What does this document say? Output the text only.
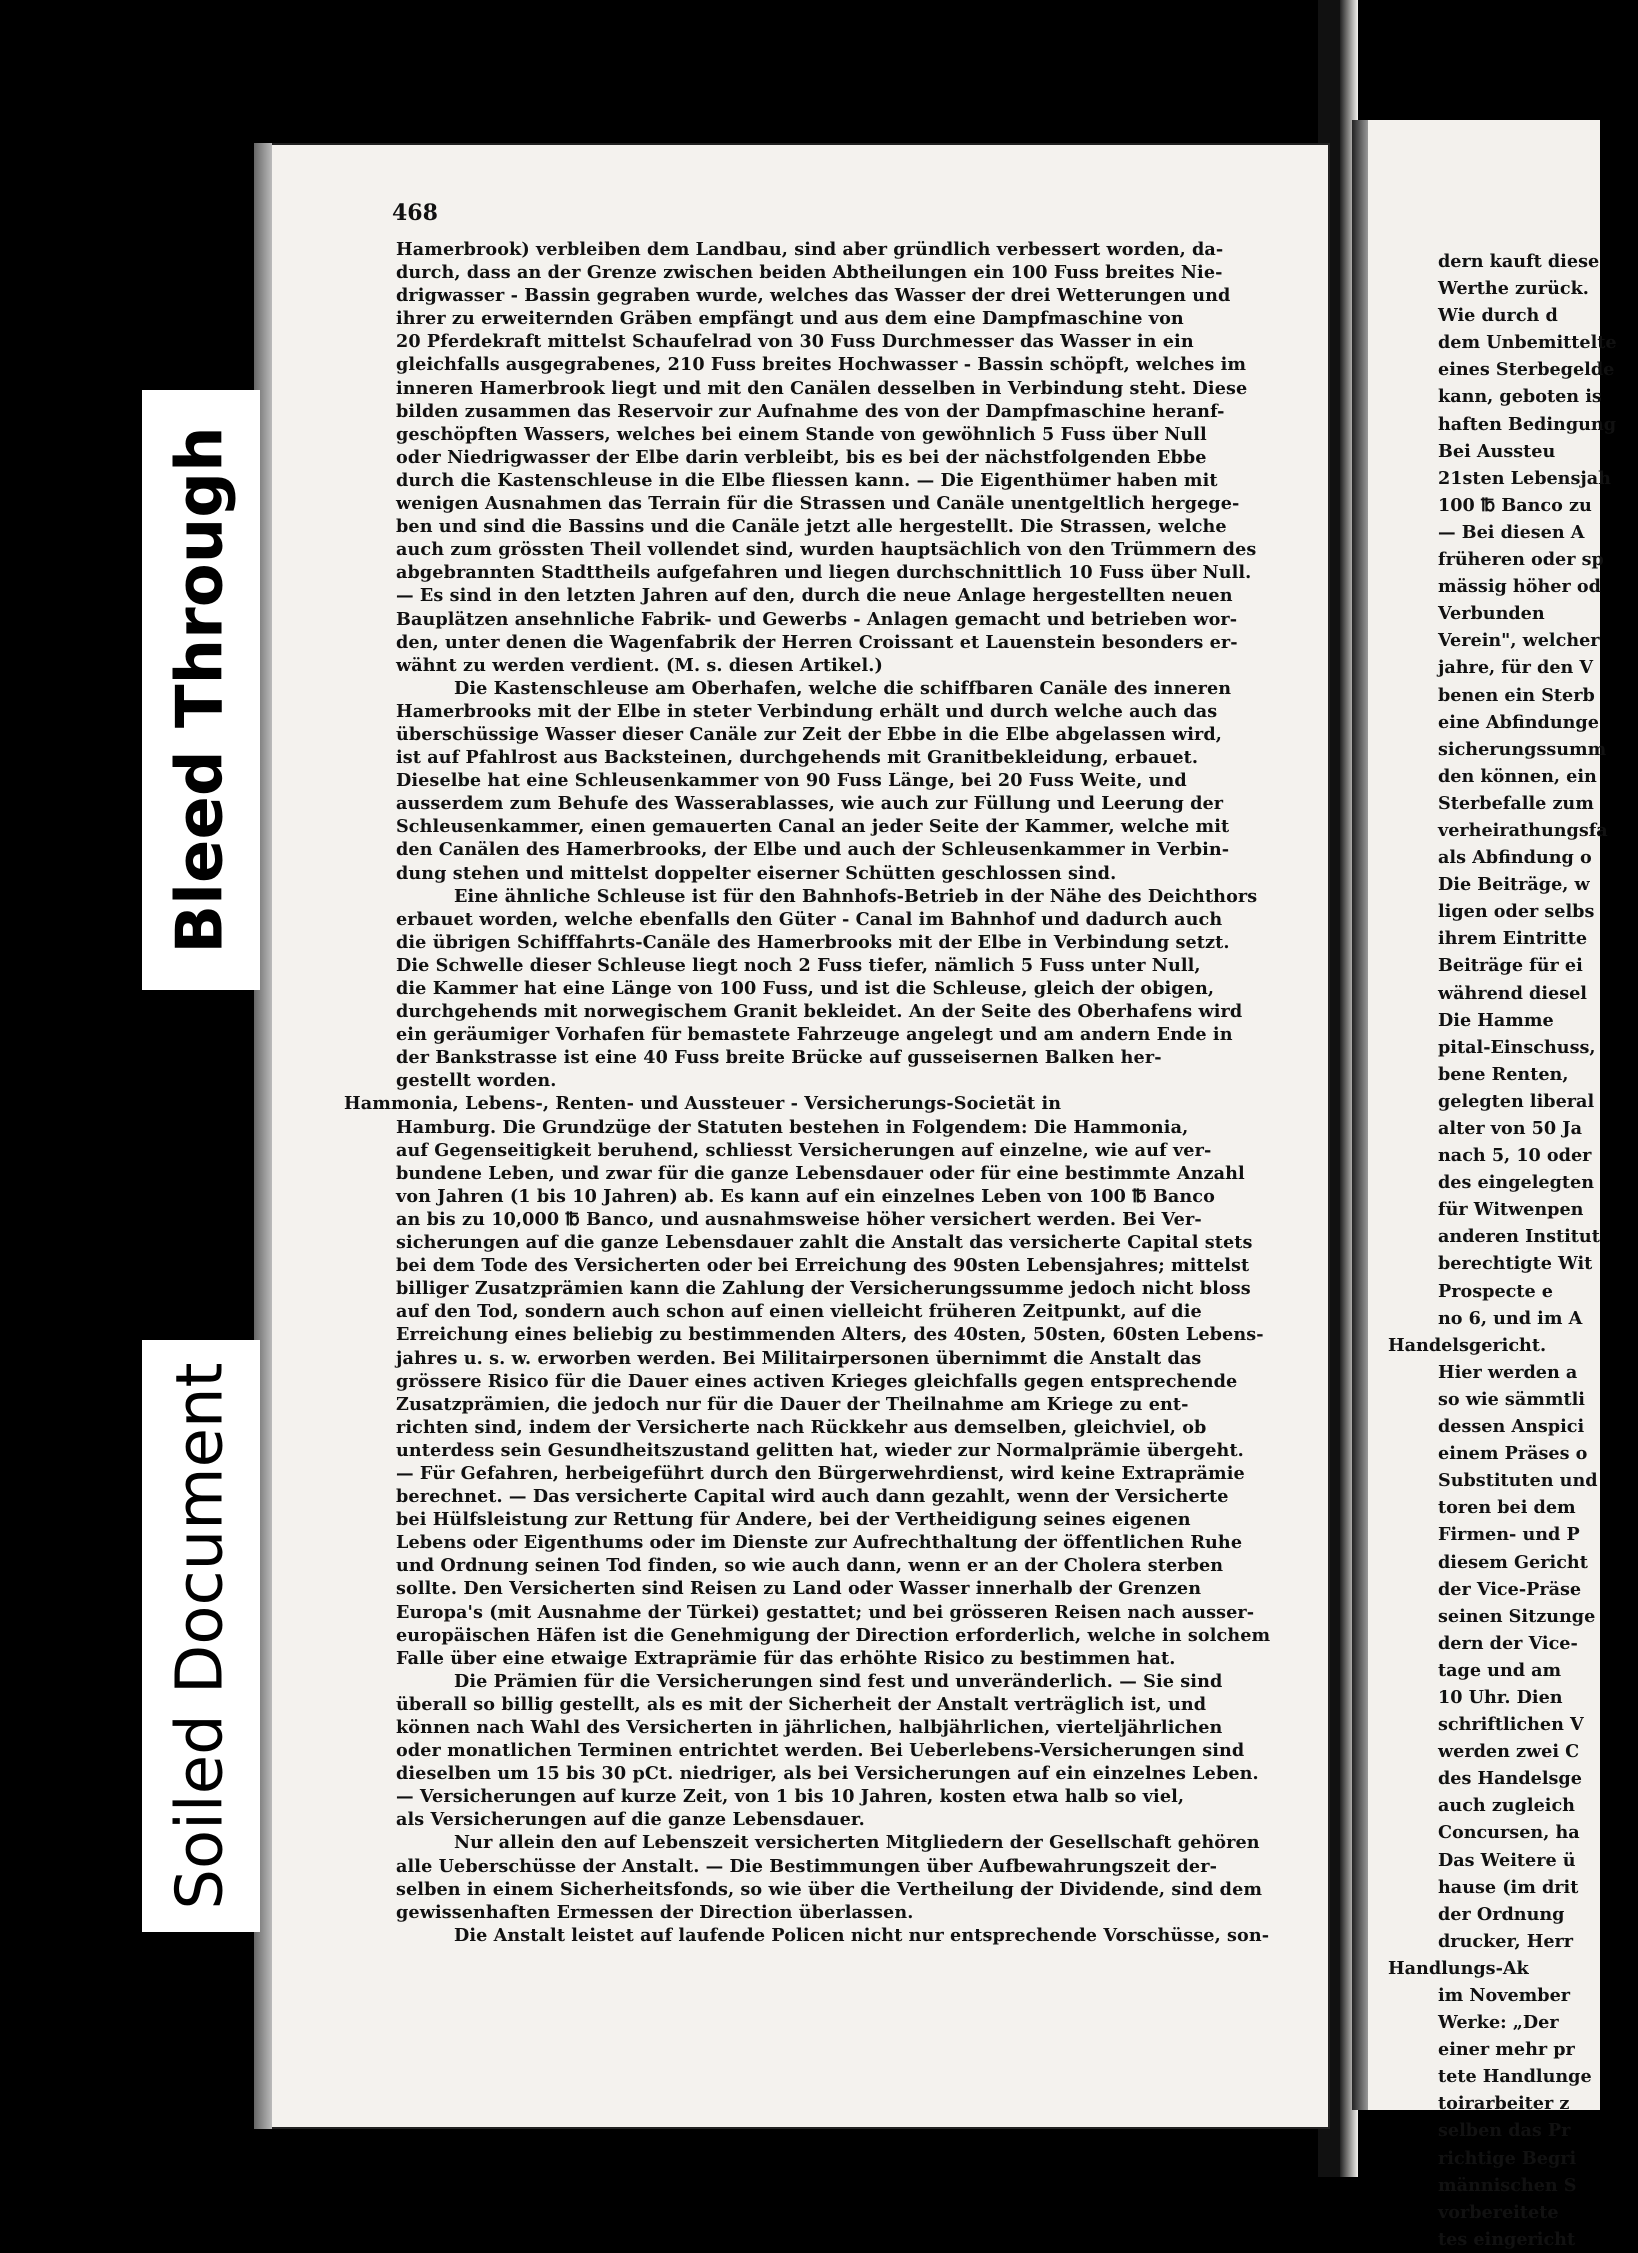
468
Hamerbrook) verbleiben dem Landbau, sind aber gründlich verbessert worden, da-
durch, dass an der Grenze zwischen beiden Abtheilungen ein 100 Fuss breites Nie-
drigwasser - Bassin gegraben wurde, welches das Wasser der drei Wetterungen und
ihrer zu erweiternden Gräben empfängt und aus dem eine Dampfmaschine von
20 Pferdekraft mittelst Schaufelrad von 30 Fuss Durchmesser das Wasser in ein
gleichfalls ausgegrabenes, 210 Fuss breites Hochwasser - Bassin schöpft, welches im
inneren Hamerbrook liegt und mit den Canälen desselben in Verbindung steht. Diese
bilden zusammen das Reservoir zur Aufnahme des von der Dampfmaschine heranf-
geschöpften Wassers, welches bei einem Stande von gewöhnlich 5 Fuss über Null
oder Niedrigwasser der Elbe darin verbleibt, bis es bei der nächstfolgenden Ebbe
durch die Kastenschleuse in die Elbe fliessen kann. — Die Eigenthümer haben mit
wenigen Ausnahmen das Terrain für die Strassen und Canäle unentgeltlich hergege-
ben und sind die Bassins und die Canäle jetzt alle hergestellt. Die Strassen, welche
auch zum grössten Theil vollendet sind, wurden hauptsächlich von den Trümmern des
abgebrannten Stadttheils aufgefahren und liegen durchschnittlich 10 Fuss über Null.
— Es sind in den letzten Jahren auf den, durch die neue Anlage hergestellten neuen
Bauplätzen ansehnliche Fabrik- und Gewerbs - Anlagen gemacht und betrieben wor-
den, unter denen die Wagenfabrik der Herren Croissant et Lauenstein besonders er-
wähnt zu werden verdient. (M. s. diesen Artikel.)
Die Kastenschleuse am Oberhafen, welche die schiffbaren Canäle des inneren
Hamerbrooks mit der Elbe in steter Verbindung erhält und durch welche auch das
überschüssige Wasser dieser Canäle zur Zeit der Ebbe in die Elbe abgelassen wird,
ist auf Pfahlrost aus Backsteinen, durchgehends mit Granitbekleidung, erbauet.
Dieselbe hat eine Schleusenkammer von 90 Fuss Länge, bei 20 Fuss Weite, und
ausserdem zum Behufe des Wasserablasses, wie auch zur Füllung und Leerung der
Schleusenkammer, einen gemauerten Canal an jeder Seite der Kammer, welche mit
den Canälen des Hamerbrooks, der Elbe und auch der Schleusenkammer in Verbin-
dung stehen und mittelst doppelter eiserner Schütten geschlossen sind.
Eine ähnliche Schleuse ist für den Bahnhofs-Betrieb in der Nähe des Deichthors
erbauet worden, welche ebenfalls den Güter - Canal im Bahnhof und dadurch auch
die übrigen Schifffahrts-Canäle des Hamerbrooks mit der Elbe in Verbindung setzt.
Die Schwelle dieser Schleuse liegt noch 2 Fuss tiefer, nämlich 5 Fuss unter Null,
die Kammer hat eine Länge von 100 Fuss, und ist die Schleuse, gleich der obigen,
durchgehends mit norwegischem Granit bekleidet. An der Seite des Oberhafens wird
ein geräumiger Vorhafen für bemastete Fahrzeuge angelegt und am andern Ende in
der Bankstrasse ist eine 40 Fuss breite Brücke auf gusseisernen Balken her-
gestellt worden.
Hammonia, Lebens-, Renten- und Aussteuer - Versicherungs-Societät in
Hamburg. Die Grundzüge der Statuten bestehen in Folgendem: Die Hammonia,
auf Gegenseitigkeit beruhend, schliesst Versicherungen auf einzelne, wie auf ver-
bundene Leben, und zwar für die ganze Lebensdauer oder für eine bestimmte Anzahl
von Jahren (1 bis 10 Jahren) ab. Es kann auf ein einzelnes Leben von 100 ℔ Banco
an bis zu 10,000 ℔ Banco, und ausnahmsweise höher versichert werden. Bei Ver-
sicherungen auf die ganze Lebensdauer zahlt die Anstalt das versicherte Capital stets
bei dem Tode des Versicherten oder bei Erreichung des 90sten Lebensjahres; mittelst
billiger Zusatzprämien kann die Zahlung der Versicherungssumme jedoch nicht bloss
auf den Tod, sondern auch schon auf einen vielleicht früheren Zeitpunkt, auf die
Erreichung eines beliebig zu bestimmenden Alters, des 40sten, 50sten, 60sten Lebens-
jahres u. s. w. erworben werden. Bei Militairpersonen übernimmt die Anstalt das
grössere Risico für die Dauer eines activen Krieges gleichfalls gegen entsprechende
Zusatzprämien, die jedoch nur für die Dauer der Theilnahme am Kriege zu ent-
richten sind, indem der Versicherte nach Rückkehr aus demselben, gleichviel, ob
unterdess sein Gesundheitszustand gelitten hat, wieder zur Normalprämie übergeht.
— Für Gefahren, herbeigeführt durch den Bürgerwehrdienst, wird keine Extraprämie
berechnet. — Das versicherte Capital wird auch dann gezahlt, wenn der Versicherte
bei Hülfsleistung zur Rettung für Andere, bei der Vertheidigung seines eigenen
Lebens oder Eigenthums oder im Dienste zur Aufrechthaltung der öffentlichen Ruhe
und Ordnung seinen Tod finden, so wie auch dann, wenn er an der Cholera sterben
sollte. Den Versicherten sind Reisen zu Land oder Wasser innerhalb der Grenzen
Europa's (mit Ausnahme der Türkei) gestattet; und bei grösseren Reisen nach ausser-
europäischen Häfen ist die Genehmigung der Direction erforderlich, welche in solchem
Falle über eine etwaige Extraprämie für das erhöhte Risico zu bestimmen hat.
Die Prämien für die Versicherungen sind fest und unveränderlich. — Sie sind
überall so billig gestellt, als es mit der Sicherheit der Anstalt verträglich ist, und
können nach Wahl des Versicherten in jährlichen, halbjährlichen, vierteljährlichen
oder monatlichen Terminen entrichtet werden. Bei Ueberlebens-Versicherungen sind
dieselben um 15 bis 30 pCt. niedriger, als bei Versicherungen auf ein einzelnes Leben.
— Versicherungen auf kurze Zeit, von 1 bis 10 Jahren, kosten etwa halb so viel,
als Versicherungen auf die ganze Lebensdauer.
Nur allein den auf Lebenszeit versicherten Mitgliedern der Gesellschaft gehören
alle Ueberschüsse der Anstalt. — Die Bestimmungen über Aufbewahrungszeit der-
selben in einem Sicherheitsfonds, so wie über die Vertheilung der Dividende, sind dem
gewissenhaften Ermessen der Direction überlassen.
Die Anstalt leistet auf laufende Policen nicht nur entsprechende Vorschüsse, son-
dern kauft diese
Werthe zurück.
Wie durch d
dem Unbemittelte
eines Sterbegelde
kann, geboten is
haften Bedingung
Bei Aussteu
21sten Lebensjah
100 ℔ Banco zu
— Bei diesen A
früheren oder sp
mässig höher od
Verbunden
Verein", welcher
jahre, für den V
benen ein Sterb
eine Abfindunge
sicherungssumm
den können, ein
Sterbefalle zum
verheirathungsfa
als Abfindung o
Die Beiträge, w
ligen oder selbs
ihrem Eintritte
Beiträge für ei
während diesel
Die Hamme
pital-Einschuss,
bene Renten,
gelegten liberal
alter von 50 Ja
nach 5, 10 oder
des eingelegten
für Witwenpen
anderen Institut
berechtigte Wit
Prospecte e
no 6, und im A
Handelsgericht.
Hier werden a
so wie sämmtli
dessen Anspici
einem Präses o
Substituten und
toren bei dem
Firmen- und P
diesem Gericht
der Vice-Präse
seinen Sitzunge
dern der Vice-
tage und am
10 Uhr. Dien
schriftlichen V
werden zwei C
des Handelsge
auch zugleich
Concursen, ha
Das Weitere ü
hause (im drit
der Ordnung
drucker, Herr
Handlungs-Ak
im November
Werke: „Der
einer mehr pr
tete Handlunge
toirarbeiter z
selben das Pr
richtige Begri
männischen S
vorbereitete
tes eingericht
Bleed Through
Soiled Document
